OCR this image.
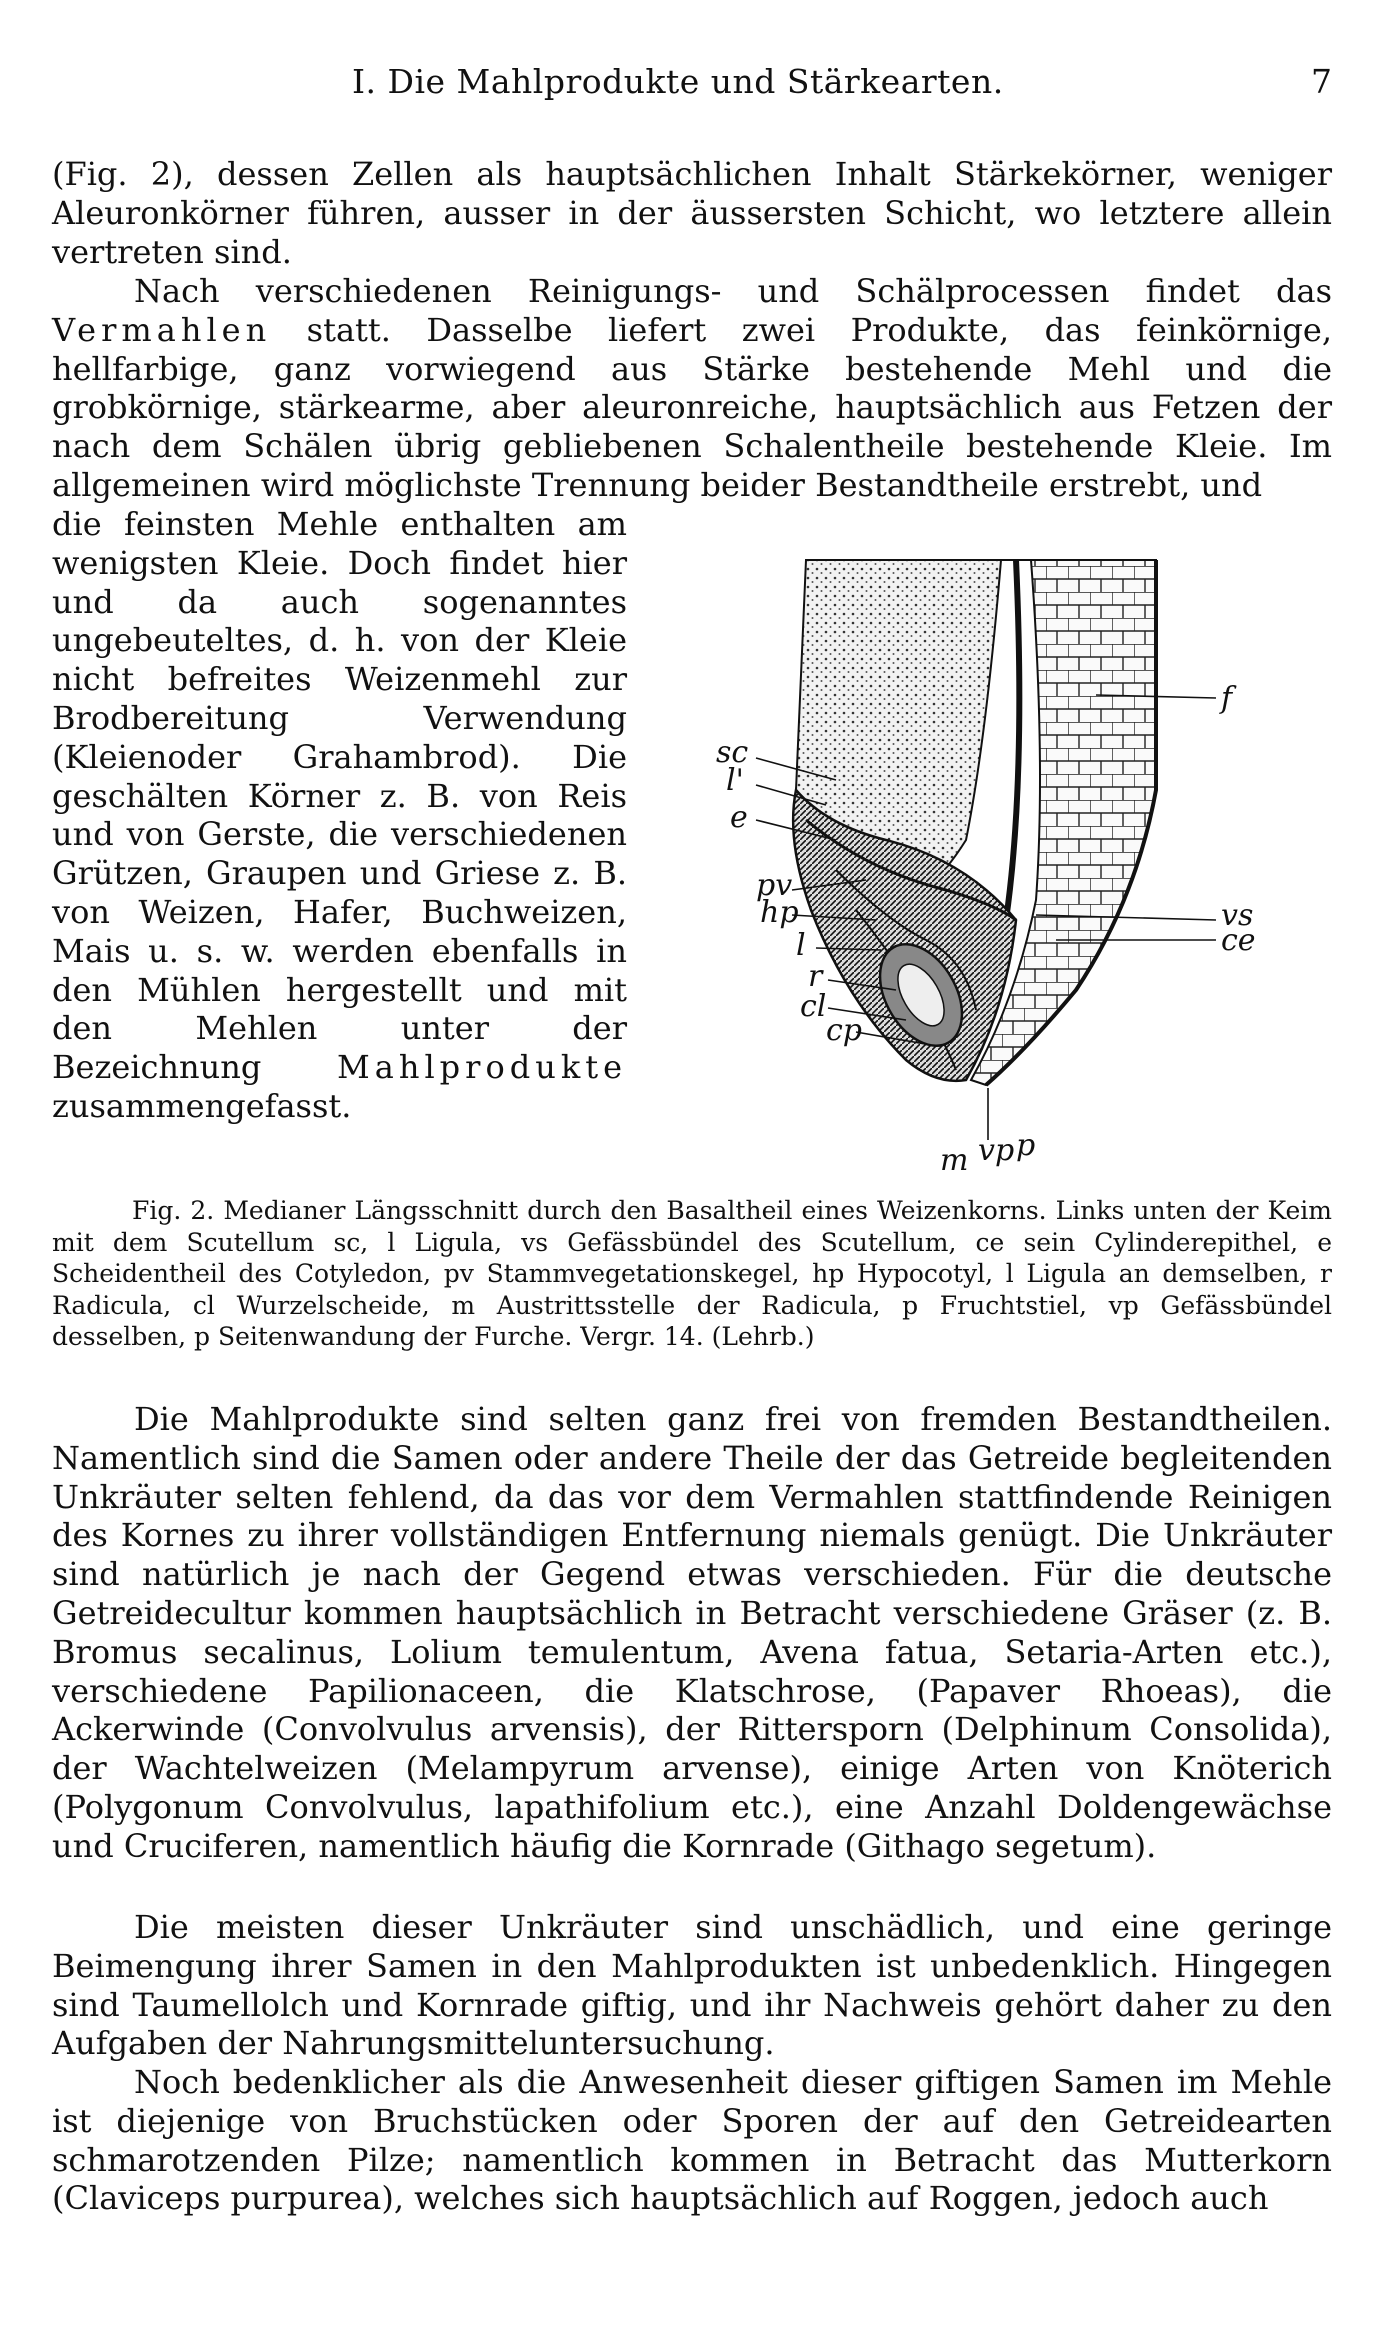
I. Die Mahlprodukte und Stärkearten.	7

(Fig. 2), dessen Zellen als hauptsächlichen Inhalt Stärkekörner, weniger Aleuronkörner führen, ausser in der äussersten Schicht, wo letztere allein vertreten sind.

Nach verschiedenen Reinigungs- und Schälprocessen findet das Vermahlen statt. Dasselbe liefert zwei Produkte, das feinkörnige, hellfarbige, ganz vorwiegend aus Stärke bestehende Mehl und die grobkörnige, stärkearme, aber aleuronreiche, hauptsächlich aus Fetzen der nach dem Schälen übrig gebliebenen Schalentheile bestehende Kleie. Im allgemeinen wird möglichste Trennung beider Bestandtheile erstrebt, und

die feinsten Mehle enthalten am wenigsten Kleie. Doch findet hier und da auch sogenanntes ungebeuteltes, d. h. von der Kleie nicht befreites Weizenmehl zur Brodbereitung Verwendung (Kleienoder Grahambrod). Die geschälten Körner z. B. von Reis und von Gerste, die verschiedenen Grützen, Graupen und Griese z. B. von Weizen, Hafer, Buchweizen, Mais u. s. w. werden ebenfalls in den Mühlen hergestellt und mit den Mehlen unter der Bezeichnung Mahlprodukte zusammengefasst.

sc
l'
e
pv
hp
l
r
cl
cp
m vp p
f
vs
ce

Fig. 2. Medianer Längsschnitt durch den Basaltheil eines Weizenkorns. Links unten der Keim mit dem Scutellum sc, l Ligula, vs Gefässbündel des Scutellum, ce sein Cylinderepithel, e Scheidentheil des Cotyledon, pv Stammvegetationskegel, hp Hypocotyl, l Ligula an demselben, r Radicula, cl Wurzelscheide, m Austrittsstelle der Radicula, p Fruchtstiel, vp Gefässbündel desselben, p Seitenwandung der Furche. Vergr. 14. (Lehrb.)

Die Mahlprodukte sind selten ganz frei von fremden Bestandtheilen. Namentlich sind die Samen oder andere Theile der das Getreide begleitenden Unkräuter selten fehlend, da das vor dem Vermahlen stattfindende Reinigen des Kornes zu ihrer vollständigen Entfernung niemals genügt. Die Unkräuter sind natürlich je nach der Gegend etwas verschieden. Für die deutsche Getreidecultur kommen hauptsächlich in Betracht verschiedene Gräser (z. B. Bromus secalinus, Lolium temulentum, Avena fatua, Setaria-Arten etc.), verschiedene Papilionaceen, die Klatschrose, (Papaver Rhoeas), die Ackerwinde (Convolvulus arvensis), der Rittersporn (Delphinum Consolida), der Wachtelweizen (Melampyrum arvense), einige Arten von Knöterich (Polygonum Convolvulus, lapathifolium etc.), eine Anzahl Doldengewächse und Cruciferen, namentlich häufig die Kornrade (Githago segetum).

Die meisten dieser Unkräuter sind unschädlich, und eine geringe Beimengung ihrer Samen in den Mahlprodukten ist unbedenklich. Hingegen sind Taumellolch und Kornrade giftig, und ihr Nachweis gehört daher zu den Aufgaben der Nahrungsmitteluntersuchung.

Noch bedenklicher als die Anwesenheit dieser giftigen Samen im Mehle ist diejenige von Bruchstücken oder Sporen der auf den Getreidearten schmarotzenden Pilze; namentlich kommen in Betracht das Mutterkorn (Claviceps purpurea), welches sich hauptsächlich auf Roggen, jedoch auch
